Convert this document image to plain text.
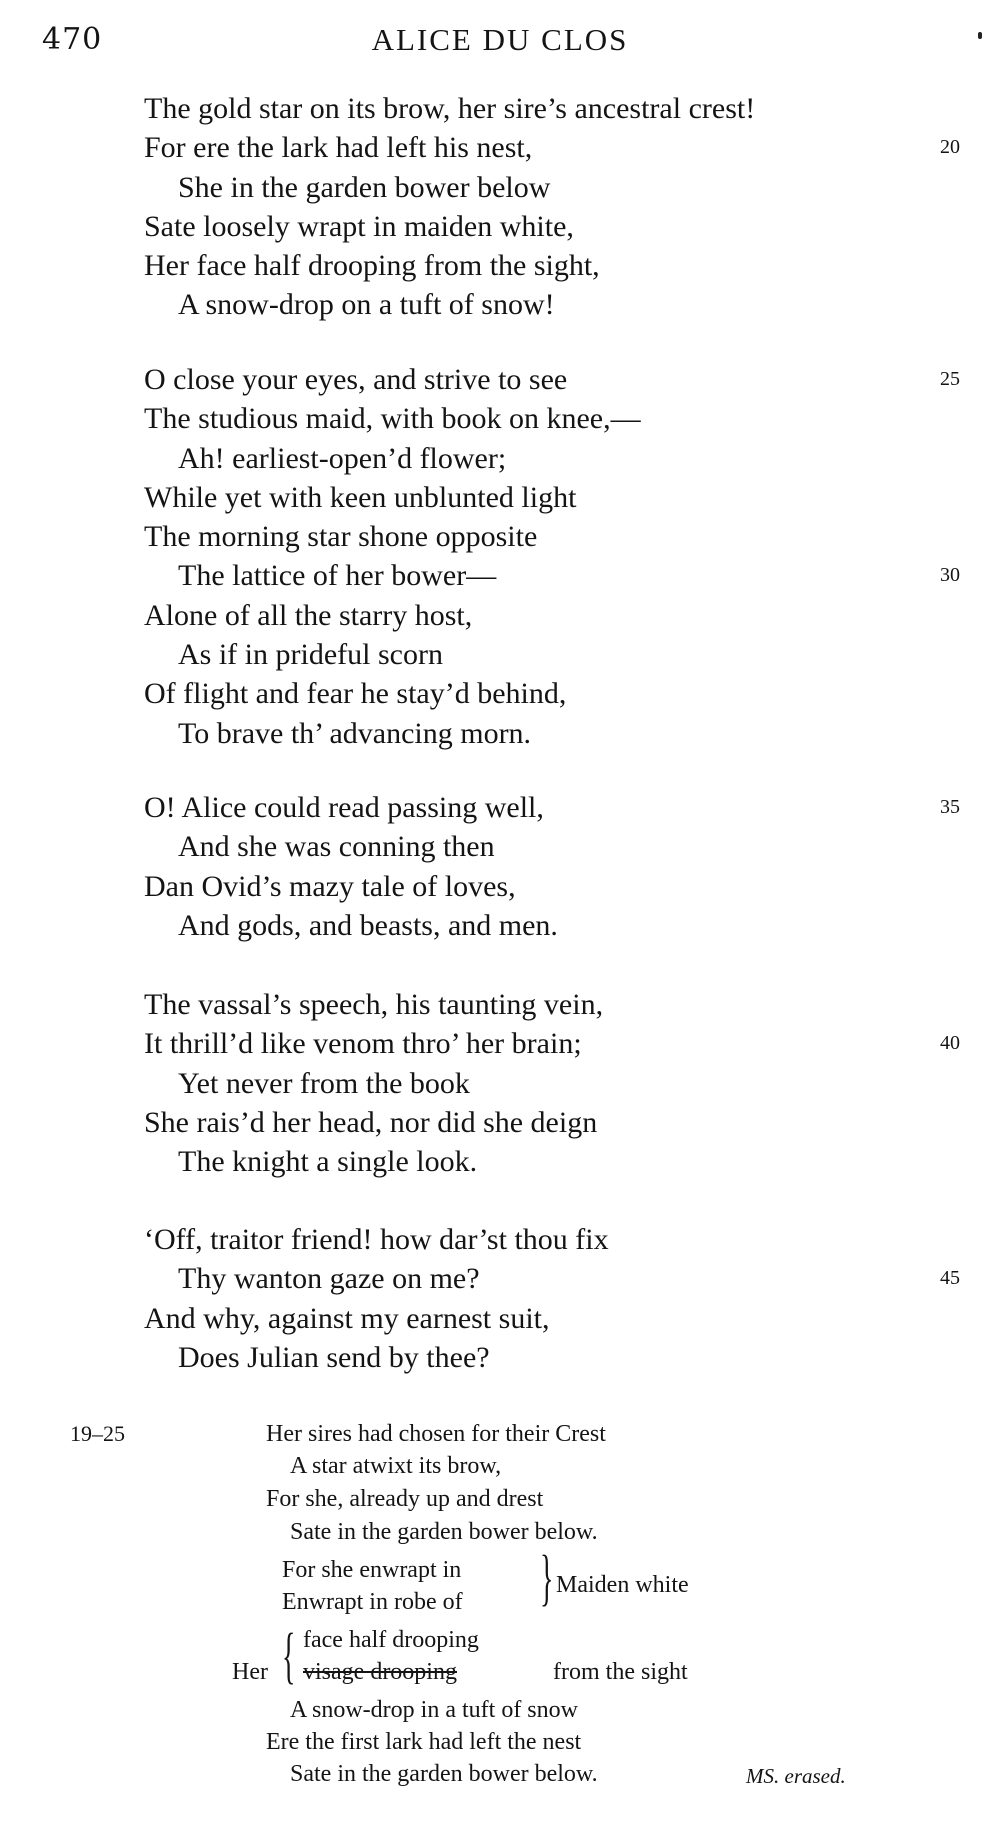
470	ALICE DU CLOS
The gold star on its brow, her sire’s ancestral crest!
For ere the lark had left his nest,	20
She in the garden bower below
Sate loosely wrapt in maiden white,
Her face half drooping from the sight,
A snow-drop on a tuft of snow!
O close your eyes, and strive to see	25
The studious maid, with book on knee,—
Ah! earliest-open’d flower;
While yet with keen unblunted light
The morning star shone opposite
The lattice of her bower—	30
Alone of all the starry host,
As if in prideful scorn
Of flight and fear he stay’d behind,
To brave th’ advancing morn.
O! Alice could read passing well,	35
And she was conning then
Dan Ovid’s mazy tale of loves,
And gods, and beasts, and men.
The vassal’s speech, his taunting vein,
It thrill’d like venom thro’ her brain;	40
Yet never from the book
She rais’d her head, nor did she deign
The knight a single look.
‘Off, traitor friend! how dar’st thou fix
Thy wanton gaze on me?	45
And why, against my earnest suit,
Does Julian send by thee?
19–25	Her sires had chosen for their Crest
A star atwixt its brow,
For she, already up and drest
Sate in the garden bower below.
For she enwrapt in
Enwrapt in robe of } Maiden white
Her { face half drooping
visage drooping	from the sight
A snow-drop in a tuft of snow
Ere the first lark had left the nest
Sate in the garden bower below.	MS. erased.
